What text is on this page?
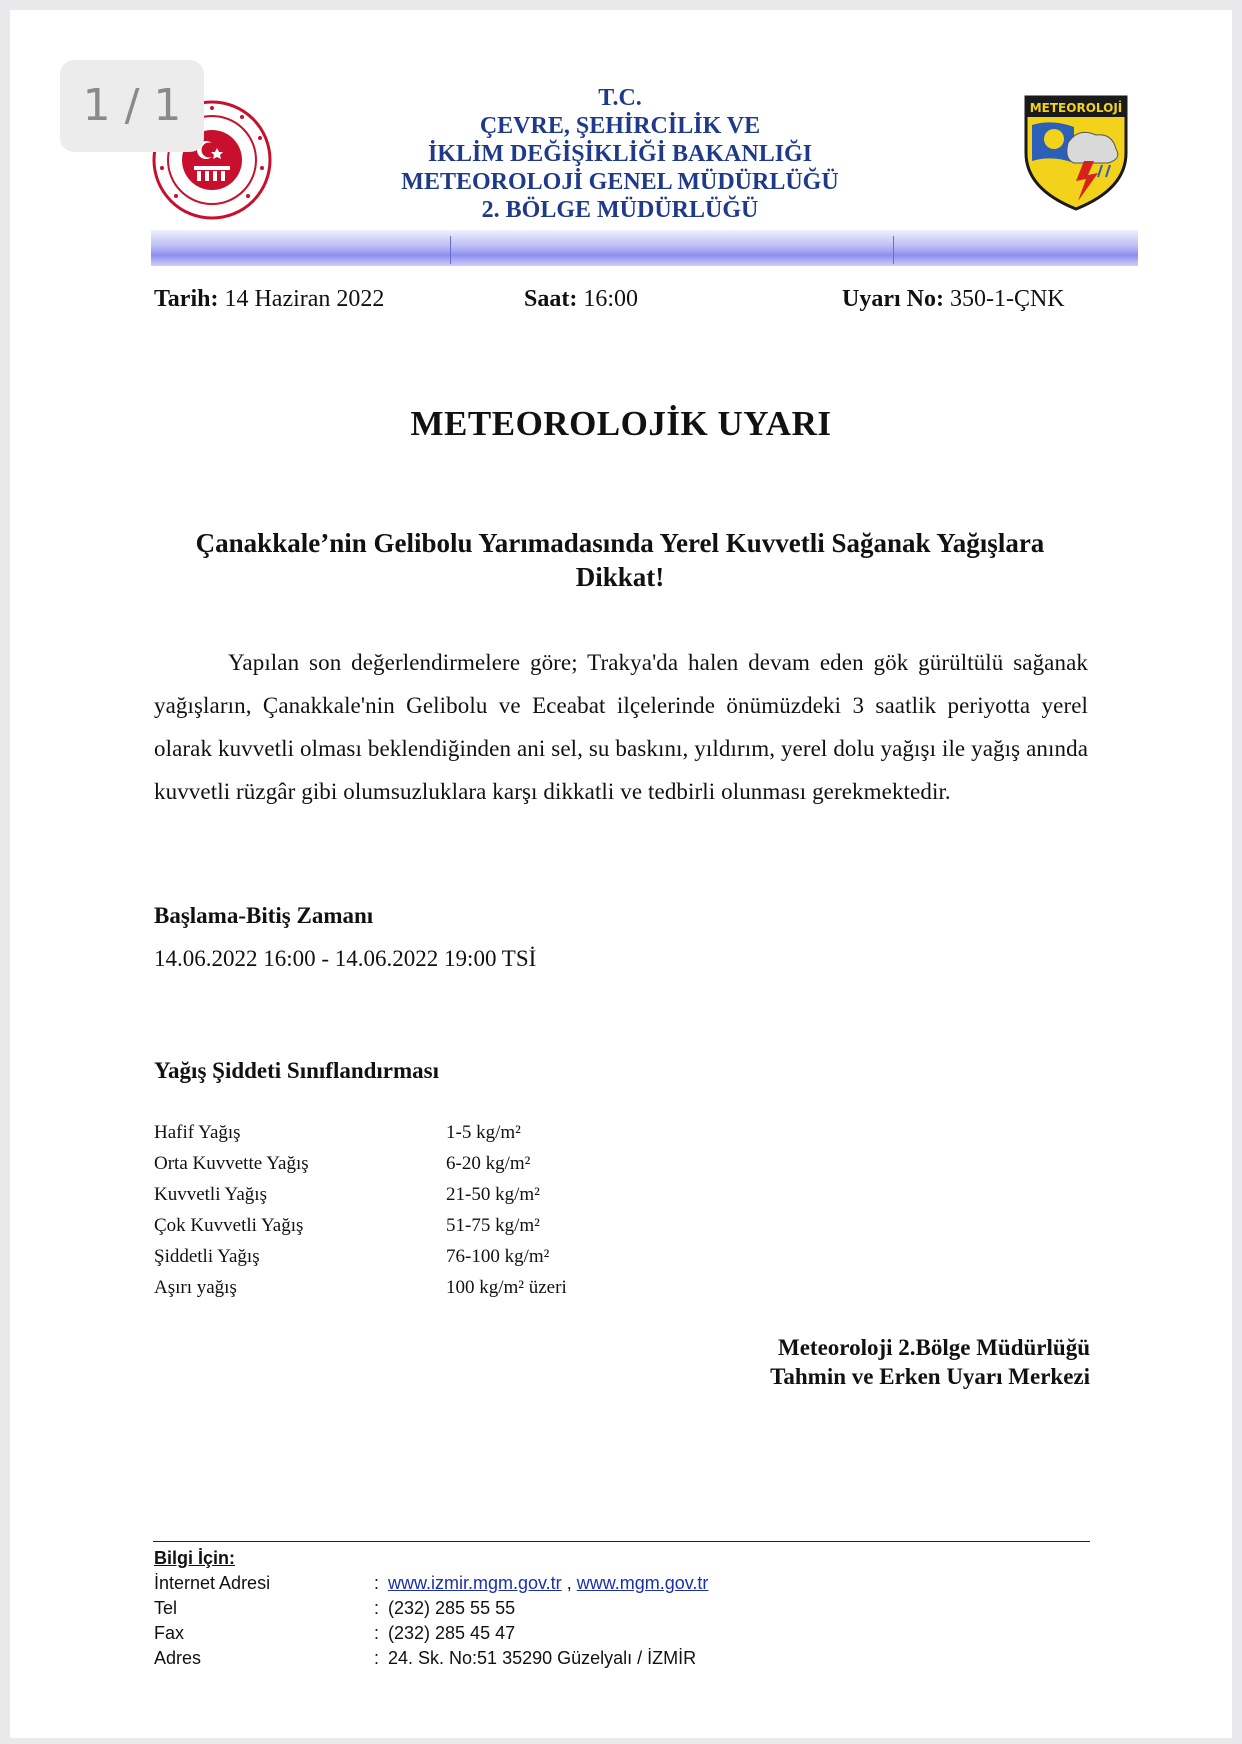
METEOROLOJİ
T.C.
ÇEVRE, ŞEHİRCİLİK VE
İKLİM DEĞİŞİKLİĞİ BAKANLIĞI
METEOROLOJİ GENEL MÜDÜRLÜĞÜ
2. BÖLGE MÜDÜRLÜĞÜ
Tarih: 14 Haziran 2022	Saat: 16:00	Uyarı No: 350-1-ÇNK
METEOROLOJİK UYARI
Çanakkale’nin Gelibolu Yarımadasında Yerel Kuvvetli Sağanak Yağışlara Dikkat!
Yapılan son değerlendirmelere göre; Trakya'da halen devam eden gök gürültülü sağanak yağışların, Çanakkale'nin Gelibolu ve Eceabat ilçelerinde önümüzdeki 3 saatlik periyotta yerel olarak kuvvetli olması beklendiğinden ani sel, su baskını, yıldırım, yerel dolu yağışı ile yağış anında kuvvetli rüzgâr gibi olumsuzluklara karşı dikkatli ve tedbirli olunması gerekmektedir.
Başlama-Bitiş Zamanı
14.06.2022 16:00 - 14.06.2022 19:00 TSİ
Yağış Şiddeti Sınıflandırması
Hafif Yağış	1-5 kg/m²
Orta Kuvvette Yağış	6-20 kg/m²
Kuvvetli Yağış	21-50 kg/m²
Çok Kuvvetli Yağış	51-75 kg/m²
Şiddetli Yağış	76-100 kg/m²
Aşırı yağış	100 kg/m² üzeri
Meteoroloji 2.Bölge Müdürlüğü
Tahmin ve Erken Uyarı Merkezi
Bilgi İçin:
İnternet Adresi	: www.izmir.mgm.gov.tr , www.mgm.gov.tr
Tel	: (232) 285 55 55
Fax	: (232) 285 45 47
Adres	: 24. Sk. No:51 35290 Güzelyalı / İZMİR
1 / 1
